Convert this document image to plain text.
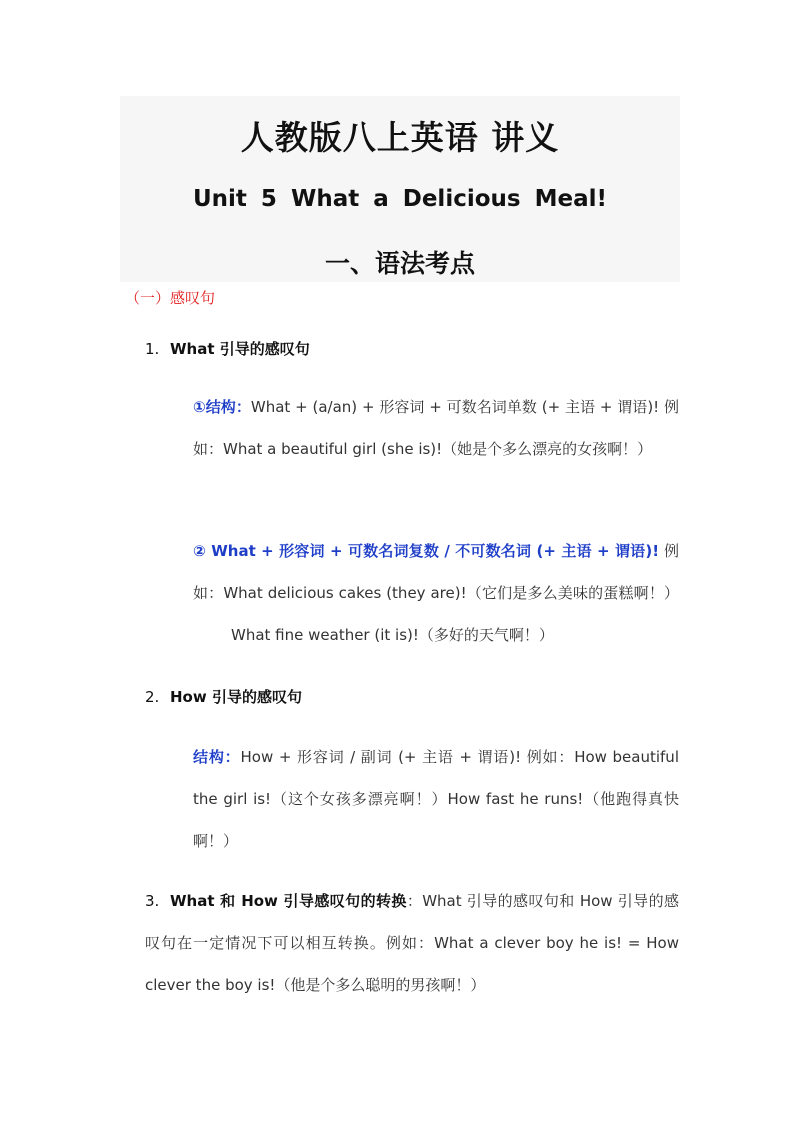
人教版八上英语 讲义
Unit 5 What a Delicious Meal!
一、语法考点
（一）感叹句
1. What 引导的感叹句
①结构：What + (a/an) + 形容词 + 可数名词单数 (+ 主语 + 谓语)! 例如：What a beautiful girl (she is)!（她是个多么漂亮的女孩啊！）
② What + 形容词 + 可数名词复数 / 不可数名词 (+ 主语 + 谓语)! 例如：What delicious cakes (they are)!（它们是多么美味的蛋糕啊！）What fine weather (it is)!（多好的天气啊！）
2. How 引导的感叹句
结构：How + 形容词 / 副词 (+ 主语 + 谓语)! 例如：How beautiful the girl is!（这个女孩多漂亮啊！）How fast he runs!（他跑得真快啊！）
3. What 和 How 引导感叹句的转换：What 引导的感叹句和 How 引导的感叹句在一定情况下可以相互转换。例如：What a clever boy he is! = How clever the boy is!（他是个多么聪明的男孩啊！）
